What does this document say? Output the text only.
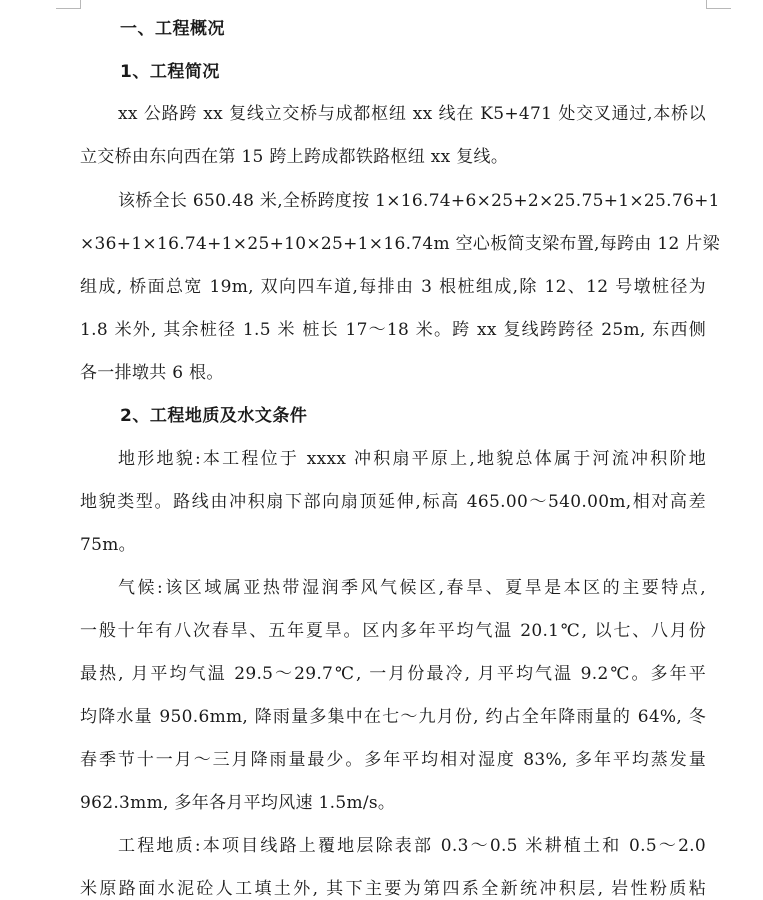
一、工程概况
1、工程简况
xx 公路跨 xx 复线立交桥与成都枢纽 xx 线在 K5+471 处交叉通过,本桥以
立交桥由东向西在第 15 跨上跨成都铁路枢纽 xx 复线。
该桥全长 650.48 米,全桥跨度按 1×16.74+6×25+2×25.75+1×25.76+1
×36+1×16.74+1×25+10×25+1×16.74m 空心板简支梁布置,每跨由 12 片梁
组成, 桥面总宽 19m, 双向四车道,每排由 3 根桩组成,除 12、12 号墩桩径为
1.8 米外, 其余桩径 1.5 米 桩长 17～18 米。跨 xx 复线跨跨径 25m, 东西侧
各一排墩共 6 根。
2、工程地质及水文条件
地形地貌:本工程位于 xxxx 冲积扇平原上,地貌总体属于河流冲积阶地
地貌类型。路线由冲积扇下部向扇顶延伸,标高 465.00～540.00m,相对高差
75m。
气候:该区域属亚热带湿润季风气候区,春旱、夏旱是本区的主要特点,
一般十年有八次春旱、五年夏旱。区内多年平均气温 20.1℃, 以七、八月份
最热, 月平均气温 29.5～29.7℃, 一月份最冷, 月平均气温 9.2℃。多年平
均降水量 950.6mm, 降雨量多集中在七～九月份, 约占全年降雨量的 64%, 冬
春季节十一月～三月降雨量最少。多年平均相对湿度 83%, 多年平均蒸发量
962.3mm, 多年各月平均风速 1.5m/s。
工程地质:本项目线路上覆地层除表部 0.3～0.5 米耕植土和 0.5～2.0
米原路面水泥砼人工填土外, 其下主要为第四系全新统冲积层, 岩性粉质粘
